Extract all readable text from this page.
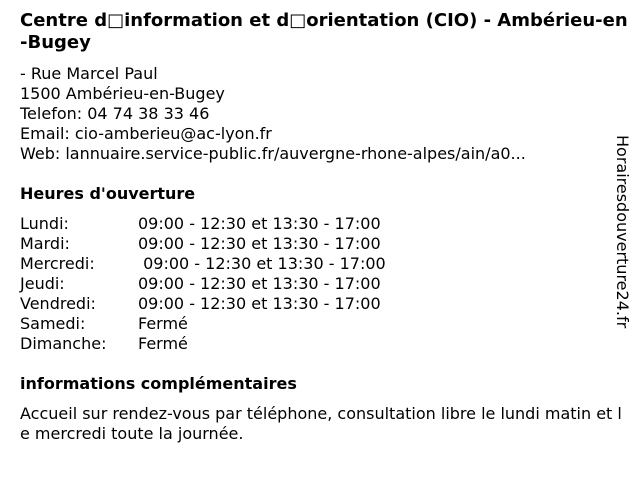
Centre d□information et d□orientation (CIO) - Ambérieu-en-Bugey
- Rue Marcel Paul
1500 Ambérieu-en-Bugey
Telefon: 04 74 38 33 46
Email: cio-amberieu@ac-lyon.fr
Web: lannuaire.service-public.fr/auvergne-rhone-alpes/ain/a0...
Heures d'ouverture
Lundi:	09:00 - 12:30 et 13:30 - 17:00
Mardi:	09:00 - 12:30 et 13:30 - 17:00
Mercredi:	09:00 - 12:30 et 13:30 - 17:00
Jeudi:	09:00 - 12:30 et 13:30 - 17:00
Vendredi:	09:00 - 12:30 et 13:30 - 17:00
Samedi:	Fermé
Dimanche:	Fermé
informations complémentaires

Accueil sur rendez-vous par téléphone, consultation libre le lundi matin et le mercredi toute la journée.

Horairesdouverture24.fr
